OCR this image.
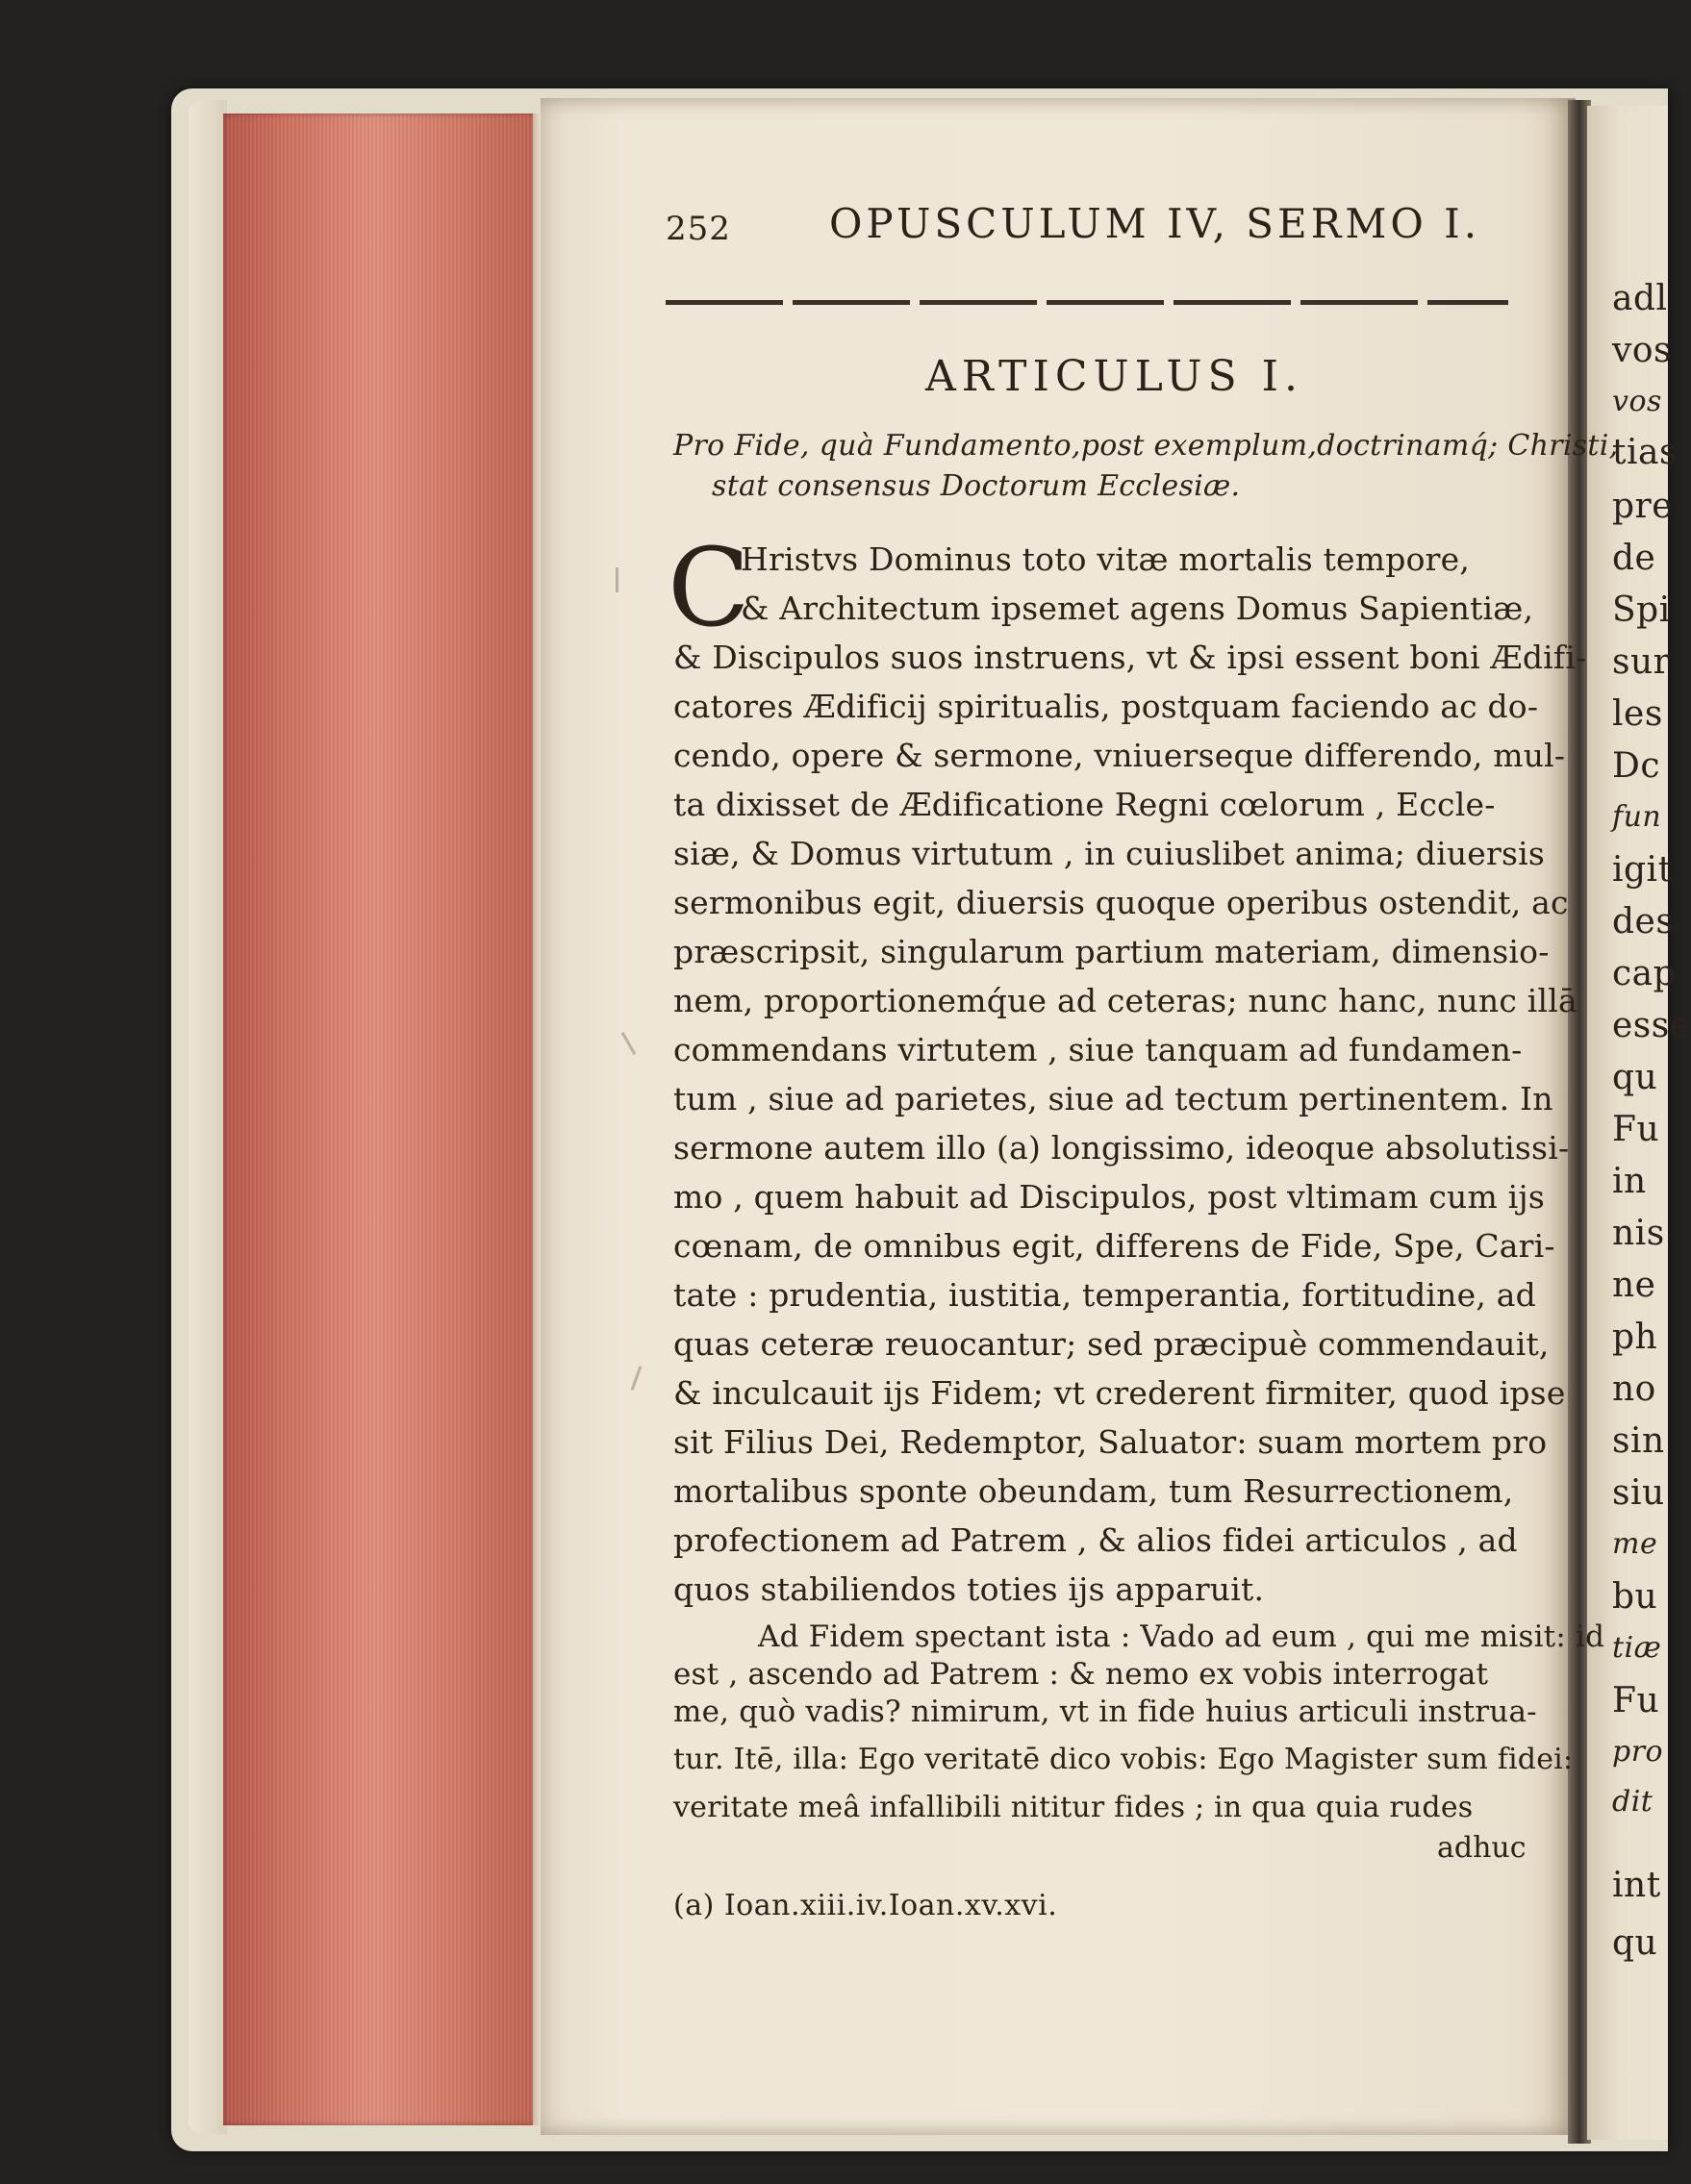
adl
vos
vos
tias
pre
de
Spi
sur
les
Dc
fun
igit
des
cap
esse
qu
Fu
in
nis
ne
ph
no
sin
siu
me
bu
tiæ
Fu
pro
dit
int
qu
252 OPUSCULUM IV, SERMO I.
ARTICULUS I.
Pro Fide, quà Fundamento,post exemplum,doctrinamq́; Christi,
stat consensus Doctorum Ecclesiæ.
C
Hristvs Dominus toto vitæ mortalis tempore,
& Architectum ipsemet agens Domus Sapientiæ,
& Discipulos suos instruens, vt & ipsi essent boni Ædifi-
catores Ædificij spiritualis, postquam faciendo ac do-
cendo, opere & sermone, vniuerseque differendo, mul-
ta dixisset de Ædificatione Regni cœlorum , Eccle-
siæ, & Domus virtutum , in cuiuslibet anima; diuersis
sermonibus egit, diuersis quoque operibus ostendit, ac
præscripsit, singularum partium materiam, dimensio-
nem, proportionemq́ue ad ceteras; nunc hanc, nunc illā
commendans virtutem , siue tanquam ad fundamen-
tum , siue ad parietes, siue ad tectum pertinentem. In
sermone autem illo (a) longissimo, ideoque absolutissi-
mo , quem habuit ad Discipulos, post vltimam cum ijs
cœnam, de omnibus egit, differens de Fide, Spe, Cari-
tate : prudentia, iustitia, temperantia, fortitudine, ad
quas ceteræ reuocantur; sed præcipuè commendauit,
& inculcauit ijs Fidem; vt crederent firmiter, quod ipse
sit Filius Dei, Redemptor, Saluator: suam mortem pro
mortalibus sponte obeundam, tum Resurrectionem,
profectionem ad Patrem , & alios fidei articulos , ad
quos stabiliendos toties ijs apparuit.
Ad Fidem spectant ista : Vado ad eum , qui me misit: id
est , ascendo ad Patrem : & nemo ex vobis interrogat
me, quò vadis? nimirum, vt in fide huius articuli instrua-
tur. Itē, illa: Ego veritatē dico vobis: Ego Magister sum fidei:
adhuc
(a) Ioan.xiii.iv.Ioan.xv.xvi.
veritate meâ infallibili nititur fides ; in qua quia rudes
